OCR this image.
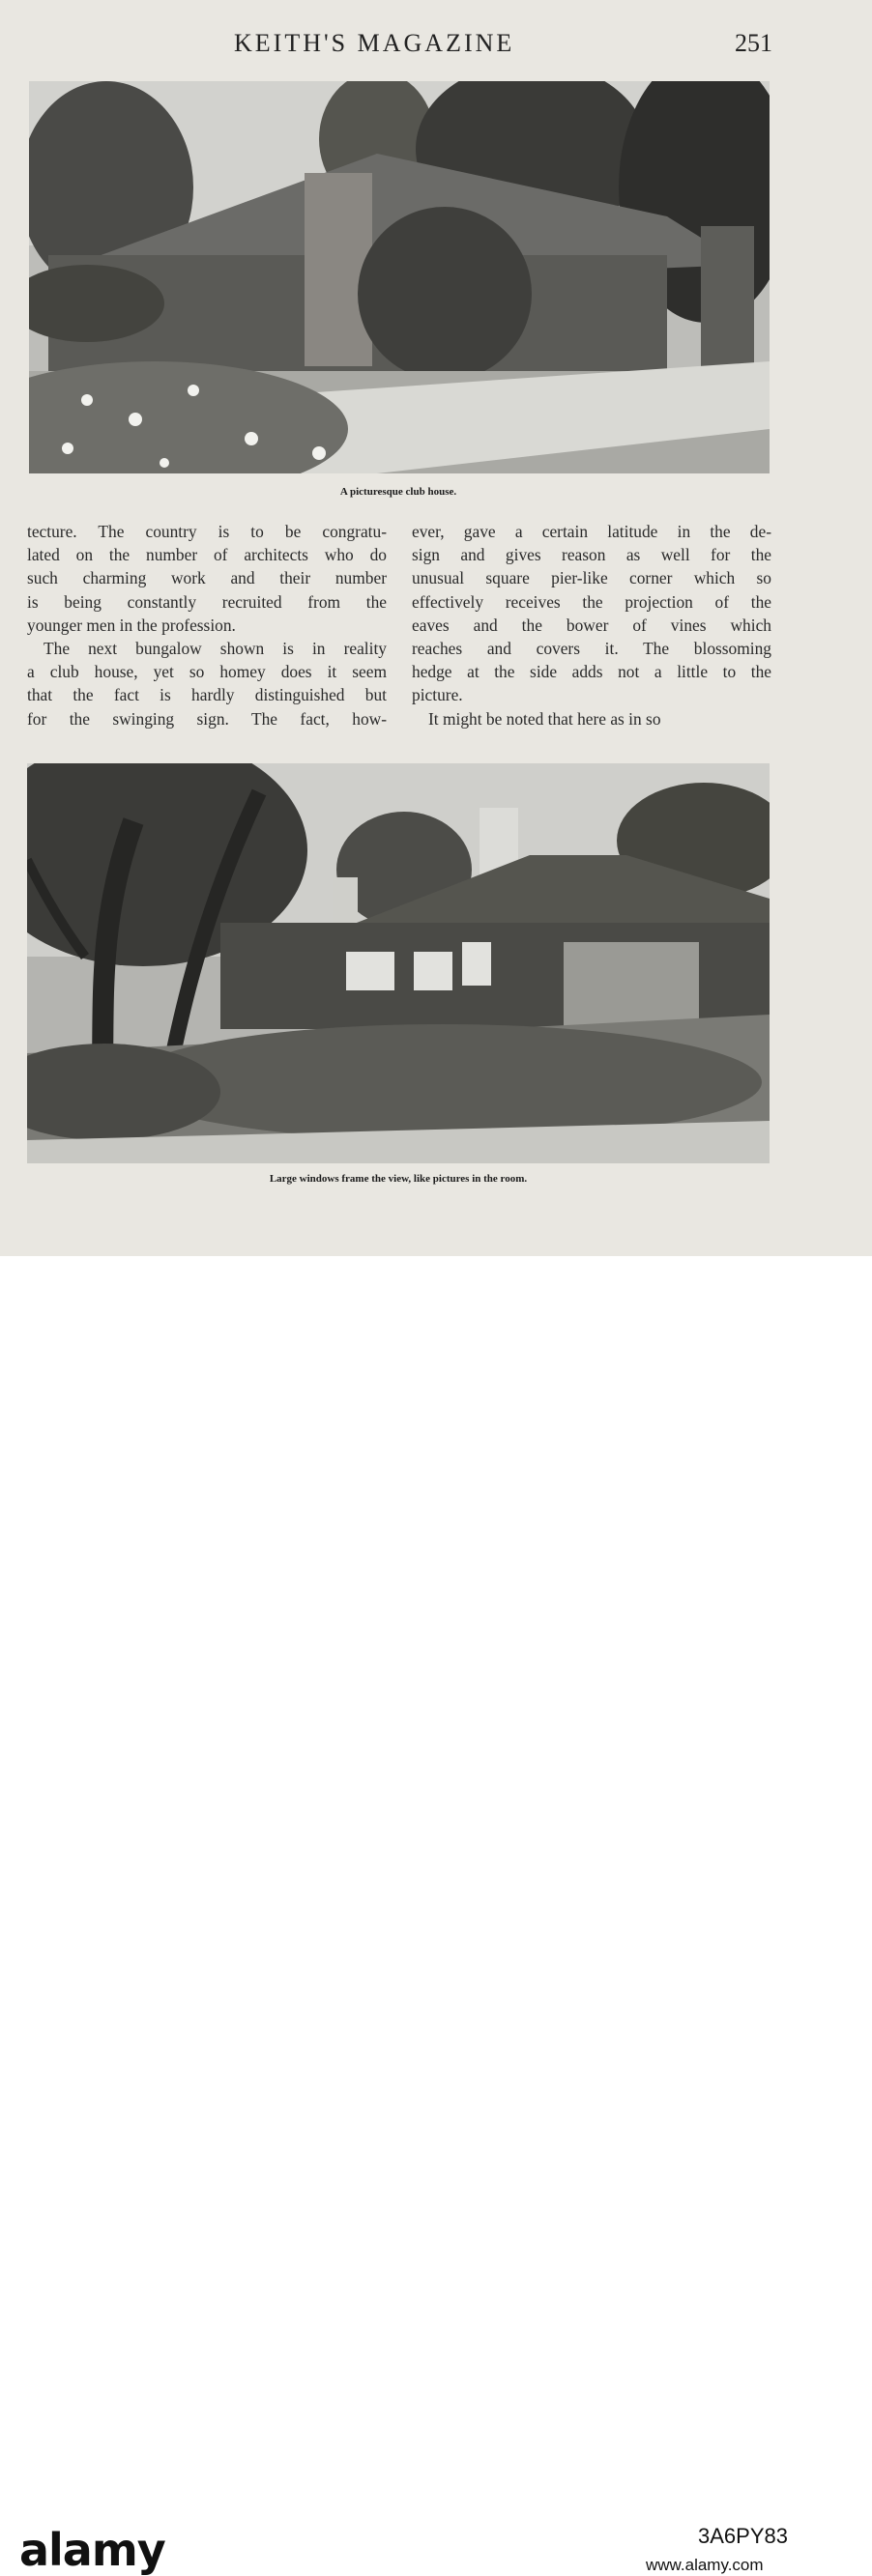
KEITH'S MAGAZINE	251
A picturesque club house.
tecture. The country is to be congratu-
lated on the number of architects who do
such charming work and their number
is being constantly recruited from the
younger men in the profession.
The next bungalow shown is in reality
a club house, yet so homey does it seem
that the fact is hardly distinguished but
for the swinging sign. The fact, how-
ever, gave a certain latitude in the de-
sign and gives reason as well for the
unusual square pier-like corner which so
effectively receives the projection of the
eaves and the bower of vines which
reaches and covers it. The blossoming
hedge at the side adds not a little to the
picture.
It might be noted that here as in so
Large windows frame the view, like pictures in the room.
alamy	3A6PY83
www.alamy.com
